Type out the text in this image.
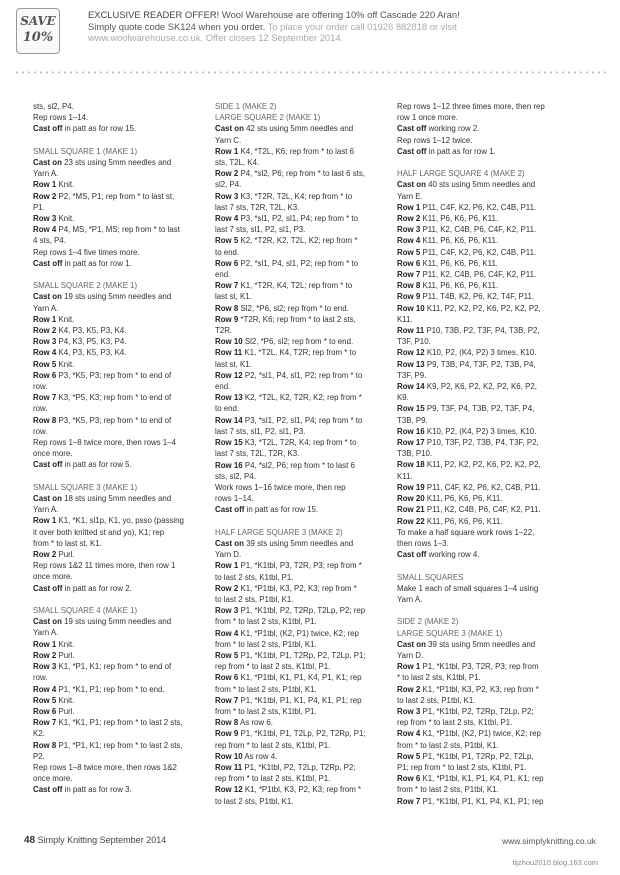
SAVE
10%
EXCLUSIVE READER OFFER! Wool Warehouse are offering 10% off Cascade 220 Aran!
Simply quote code SK124 when you order. To place your order call 01926 882818 or visit
www.woolwarehouse.co.uk. Offer closes 12 September 2014.
sts, sl2, P4.
Rep rows 1–14.
Cast off in patt as for row 15.
SMALL SQUARE 1 (MAKE 1)
Cast on 23 sts using 5mm needles and
Yarn A.
Row 1 Knit.
Row 2 P2, *MS, P1; rep from * to last st,
P1.
Row 3 Knit.
Row 4 P4, MS, *P1, MS; rep from * to last
4 sts, P4.
Rep rows 1–4 five times more.
Cast off in patt as for row 1.
SMALL SQUARE 2 (MAKE 1)
Cast on 19 sts using 5mm needles and
Yarn A.
Row 1 Knit.
Row 2 K4, P3, K5, P3, K4.
Row 3 P4, K3, P5, K3, P4.
Row 4 K4, P3, K5, P3, K4.
Row 5 Knit.
Row 6 P3, *K5, P3; rep from * to end of
row.
Row 7 K3, *P5, K3; rep from * to end of
row.
Row 8 P3, *K5, P3; rep from * to end of
row.
Rep rows 1–8 twice more, then rows 1–4
once more.
Cast off in patt as for row 5.
SMALL SQUARE 3 (MAKE 1)
Cast on 18 sts using 5mm needles and
Yarn A.
Row 1 K1, *K1, sl1p, K1, yo, psso (passing
it over both knitted st and yo), K1; rep
from * to last st, K1.
Row 2 Purl.
Rep rows 1&2 11 times more, then row 1
once more.
Cast off in patt as for row 2.
SMALL SQUARE 4 (MAKE 1)
Cast on 19 sts using 5mm needles and
Yarn A.
Row 1 Knit.
Row 2 Purl.
Row 3 K1, *P1, K1; rep from * to end of
row.
Row 4 P1, *K1, P1; rep from * to end.
Row 5 Knit.
Row 6 Purl.
Row 7 K1, *K1, P1; rep from * to last 2 sts,
K2.
Row 8 P1, *P1, K1; rep from * to last 2 sts,
P2.
Rep rows 1–8 twice more, then rows 1&2
once more.
Cast off in patt as for row 3.
SIDE 1 (MAKE 2)
LARGE SQUARE 2 (MAKE 1)
Cast on 42 sts using 5mm needles and
Yarn C.
Row 1 K4, *T2L, K6; rep from * to last 6
sts, T2L, K4.
Row 2 P4, *sl2, P6; rep from * to last 6 sts,
sl2, P4.
Row 3 K3, *T2R, T2L, K4; rep from * to
last 7 sts, T2R, T2L, K3.
Row 4 P3, *sl1, P2, sl1, P4; rep from * to
last 7 sts, sl1, P2, sl1, P3.
Row 5 K2, *T2R, K2, T2L, K2; rep from *
to end.
Row 6 P2, *sl1, P4, sl1, P2; rep from * to
end.
Row 7 K1, *T2R, K4, T2L; rep from * to
last st, K1.
Row 8 Sl2, *P6, sl2; rep from * to end.
Row 9 *T2R, K6; rep from * to last 2 sts,
T2R.
Row 10 Sl2, *P6, sl2; rep from * to end.
Row 11 K1, *T2L, K4, T2R; rep from * to
last st, K1.
Row 12 P2, *sl1, P4, sl1, P2; rep from * to
end.
Row 13 K2, *T2L, K2, T2R, K2; rep from *
to end.
Row 14 P3, *sl1, P2, sl1, P4; rep from * to
last 7 sts, sl1, P2, sl1, P3.
Row 15 K3, *T2L, T2R, K4; rep from * to
last 7 sts, T2L, T2R, K3.
Row 16 P4, *sl2, P6; rep from * to last 6
sts, sl2, P4.
Work rows 1–16 twice more, then rep
rows 1–14.
Cast off in patt as for row 15.
HALF LARGE SQUARE 3 (MAKE 2)
Cast on 39 sts using 5mm needles and
Yarn D.
Row 1 P1, *K1tbl, P3, T2R, P3; rep from *
to last 2 sts, K1tbl, P1.
Row 2 K1, *P1tbl, K3, P2, K3; rep from *
to last 2 sts, P1tbl, K1.
Row 3 P1, *K1tbl, P2, T2Rp, T2Lp, P2; rep
from * to last 2 sts, K1tbl, P1.
Row 4 K1, *P1tbl, (K2, P1) twice, K2; rep
from * to last 2 sts, P1tbl, K1.
Row 5 P1, *K1tbl, P1, T2Rp, P2, T2Lp, P1;
rep from * to last 2 sts, K1tbl, P1.
Row 6 K1, *P1tbl, K1, P1, K4, P1, K1; rep
from * to last 2 sts, P1tbl, K1.
Row 7 P1, *K1tbl, P1, K1, P4, K1, P1; rep
from * to last 2 sts, K1tbl, P1.
Row 8 As row 6.
Row 9 P1, *K1tbl, P1, T2Lp, P2, T2Rp, P1;
rep from * to last 2 sts, K1tbl, P1.
Row 10 As row 4.
Row 11 P1, *K1tbl, P2, T2Lp, T2Rp, P2;
rep from * to last 2 sts, K1tbl, P1.
Row 12 K1, *P1tbl, K3, P2, K3; rep from *
to last 2 sts, P1tbl, K1.
Rep rows 1–12 three times more, then rep
row 1 once more.
Cast off working row 2.
Rep rows 1–12 twice.
Cast off in patt as for row 1.
HALF LARGE SQUARE 4 (MAKE 2)
Cast on 40 sts using 5mm needles and
Yarn E.
Row 1 P11, C4F, K2, P6, K2, C4B, P11.
Row 2 K11, P6, K6, P6, K11.
Row 3 P11, K2, C4B, P6, C4F, K2, P11.
Row 4 K11, P6, K6, P6, K11.
Row 5 P11, C4F, K2, P6, K2, C4B, P11.
Row 6 K11, P6, K6, P6, K11.
Row 7 P11, K2, C4B, P6, C4F, K2, P11.
Row 8 K11, P6, K6, P6, K11.
Row 9 P11, T4B, K2, P6, K2, T4F, P11.
Row 10 K11, P2, K2, P2, K6, P2, K2, P2,
K11.
Row 11 P10, T3B, P2, T3F, P4, T3B, P2,
T3F, P10.
Row 12 K10, P2, (K4, P2) 3 times, K10.
Row 13 P9, T3B, P4, T3F, P2, T3B, P4,
T3F, P9.
Row 14 K9, P2, K6, P2, K2, P2, K6, P2,
K9.
Row 15 P9, T3F, P4, T3B, P2, T3F, P4,
T3B, P9.
Row 16 K10, P2, (K4, P2) 3 times, K10.
Row 17 P10, T3F, P2, T3B, P4, T3F, P2,
T3B, P10.
Row 18 K11, P2, K2, P2, K6, P2, K2, P2,
K11.
Row 19 P11, C4F, K2, P6, K2, C4B, P11.
Row 20 K11, P6, K6, P6, K11.
Row 21 P11, K2, C4B, P6, C4F, K2, P11.
Row 22 K11, P6, K6, P6, K11.
To make a half square work rows 1–22,
then rows 1–3.
Cast off working row 4.
SMALL SQUARES
Make 1 each of small squares 1–4 using
Yarn A.
SIDE 2 (MAKE 2)
LARGE SQUARE 3 (MAKE 1)
Cast on 39 sts using 5mm needles and
Yarn D.
Row 1 P1, *K1tbl, P3, T2R, P3; rep from
* to last 2 sts, K1tbl, P1.
Row 2 K1, *P1tbl, K3, P2, K3; rep from *
to last 2 sts, P1tbl, K1.
Row 3 P1, *K1tbl, P2, T2Rp, T2Lp, P2;
rep from * to last 2 sts, K1tbl, P1.
Row 4 K1, *P1tbl, (K2, P1) twice, K2; rep
from * to last 2 sts, P1tbl, K1.
Row 5 P1, *K1tbl, P1, T2Rp, P2, T2Lp,
P1; rep from * to last 2 sts, K1tbl, P1.
Row 6 K1, *P1tbl, K1, P1, K4, P1, K1; rep
from * to last 2 sts, P1tbl, K1.
Row 7 P1, *K1tbl, P1, K1, P4, K1, P1; rep
48 Simply Knitting September 2014	www.simplyknitting.co.uk
tijzhou2010.blog.163.com
